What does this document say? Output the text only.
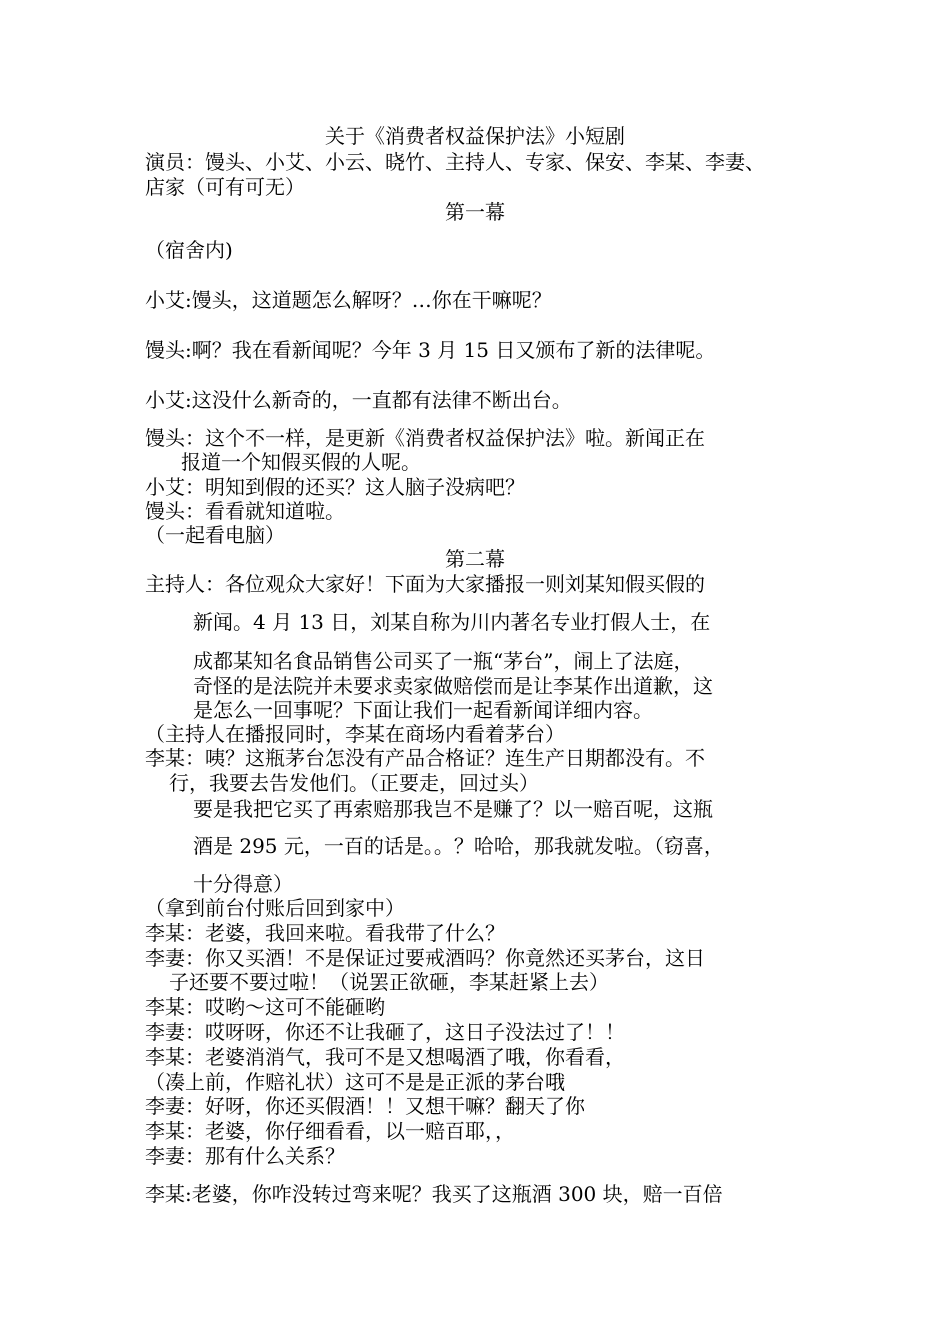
关于《消费者权益保护法》小短剧
演员：馒头、小艾、小云、晓竹、主持人、专家、保安、李某、李妻、
店家（可有可无）
第一幕
（宿舍内)
小艾:馒头，这道题怎么解呀？…你在干嘛呢？
馒头:啊？我在看新闻呢？今年 3 月 15 日又颁布了新的法律呢。
小艾:这没什么新奇的，一直都有法律不断出台。
馒头：这个不一样，是更新《消费者权益保护法》啦。新闻正在
报道一个知假买假的人呢。
小艾：明知到假的还买？这人脑子没病吧？
馒头：看看就知道啦。
（一起看电脑）
第二幕
主持人：各位观众大家好！下面为大家播报一则刘某知假买假的
新闻。4 月 13 日，刘某自称为川内著名专业打假人士，在
成都某知名食品销售公司买了一瓶“茅台”，闹上了法庭，
奇怪的是法院并未要求卖家做赔偿而是让李某作出道歉，这
是怎么一回事呢？下面让我们一起看新闻详细内容。
（主持人在播报同时，李某在商场内看着茅台）
李某：咦？这瓶茅台怎没有产品合格证？连生产日期都没有。不
行，我要去告发他们。（正要走，回过头）
要是我把它买了再索赔那我岂不是赚了？以一赔百呢，这瓶
酒是 295 元，一百的话是。。？哈哈，那我就发啦。（窃喜，
十分得意）
（拿到前台付账后回到家中）
李某：老婆，我回来啦。看我带了什么？
李妻：你又买酒！不是保证过要戒酒吗？你竟然还买茅台，这日
子还要不要过啦！（说罢正欲砸，李某赶紧上去）
李某：哎哟～这可不能砸哟
李妻：哎呀呀，你还不让我砸了，这日子没法过了！！
李某：老婆消消气，我可不是又想喝酒了哦，你看看，
（凑上前，作赔礼状）这可不是是正派的茅台哦
李妻：好呀，你还买假酒！！又想干嘛？翻天了你
李某：老婆，你仔细看看，以一赔百耶，，
李妻：那有什么关系？
李某:老婆，你咋没转过弯来呢？我买了这瓶酒 300 块，赔一百倍
